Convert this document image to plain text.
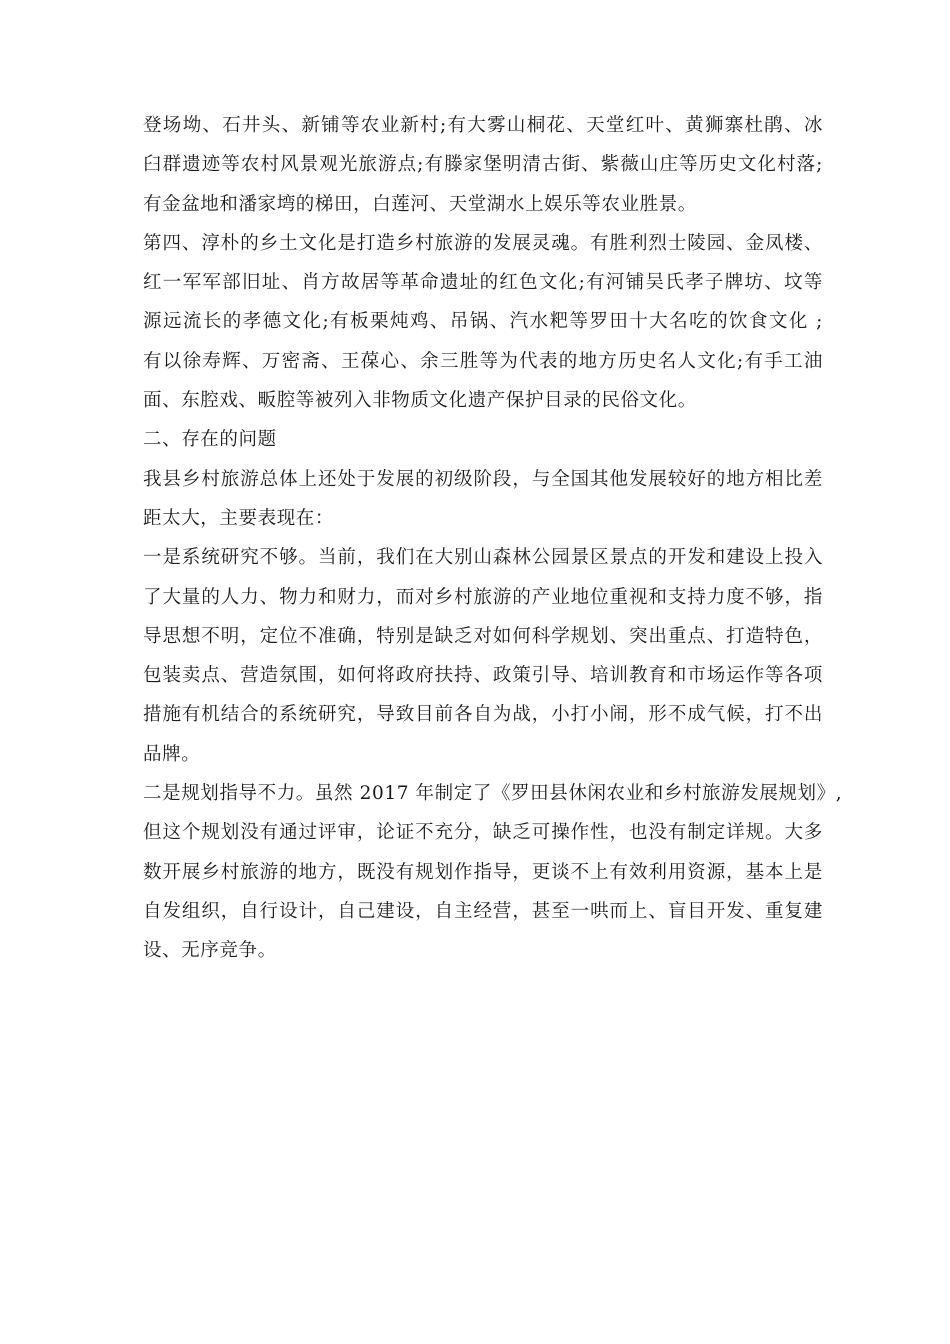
登场坳、石井头、新铺等农业新村;有大雾山桐花、天堂红叶、黄狮寨杜鹃、冰
臼群遗迹等农村风景观光旅游点;有滕家堡明清古街、紫薇山庄等历史文化村落;
有金盆地和潘家塆的梯田，白莲河、天堂湖水上娱乐等农业胜景。
第四、淳朴的乡土文化是打造乡村旅游的发展灵魂。有胜利烈士陵园、金凤楼、
红一军军部旧址、肖方故居等革命遗址的红色文化;有河铺吴氏孝子牌坊、坟等
源远流长的孝德文化;有板栗炖鸡、吊锅、汽水粑等罗田十大名吃的饮食文化 ;
有以徐寿辉、万密斋、王葆心、余三胜等为代表的地方历史名人文化;有手工油
面、东腔戏、畈腔等被列入非物质文化遗产保护目录的民俗文化。
二、存在的问题
我县乡村旅游总体上还处于发展的初级阶段，与全国其他发展较好的地方相比差
距太大，主要表现在：
一是系统研究不够。当前，我们在大别山森林公园景区景点的开发和建设上投入
了大量的人力、物力和财力，而对乡村旅游的产业地位重视和支持力度不够，指
导思想不明，定位不准确，特别是缺乏对如何科学规划、突出重点、打造特色，
包装卖点、营造氛围，如何将政府扶持、政策引导、培训教育和市场运作等各项
措施有机结合的系统研究，导致目前各自为战，小打小闹，形不成气候，打不出
品牌。
二是规划指导不力。虽然 2017 年制定了《罗田县休闲农业和乡村旅游发展规划》,
但这个规划没有通过评审，论证不充分，缺乏可操作性，也没有制定详规。大多
数开展乡村旅游的地方，既没有规划作指导，更谈不上有效利用资源，基本上是
自发组织，自行设计，自己建设，自主经营，甚至一哄而上、盲目开发、重复建
设、无序竞争。
